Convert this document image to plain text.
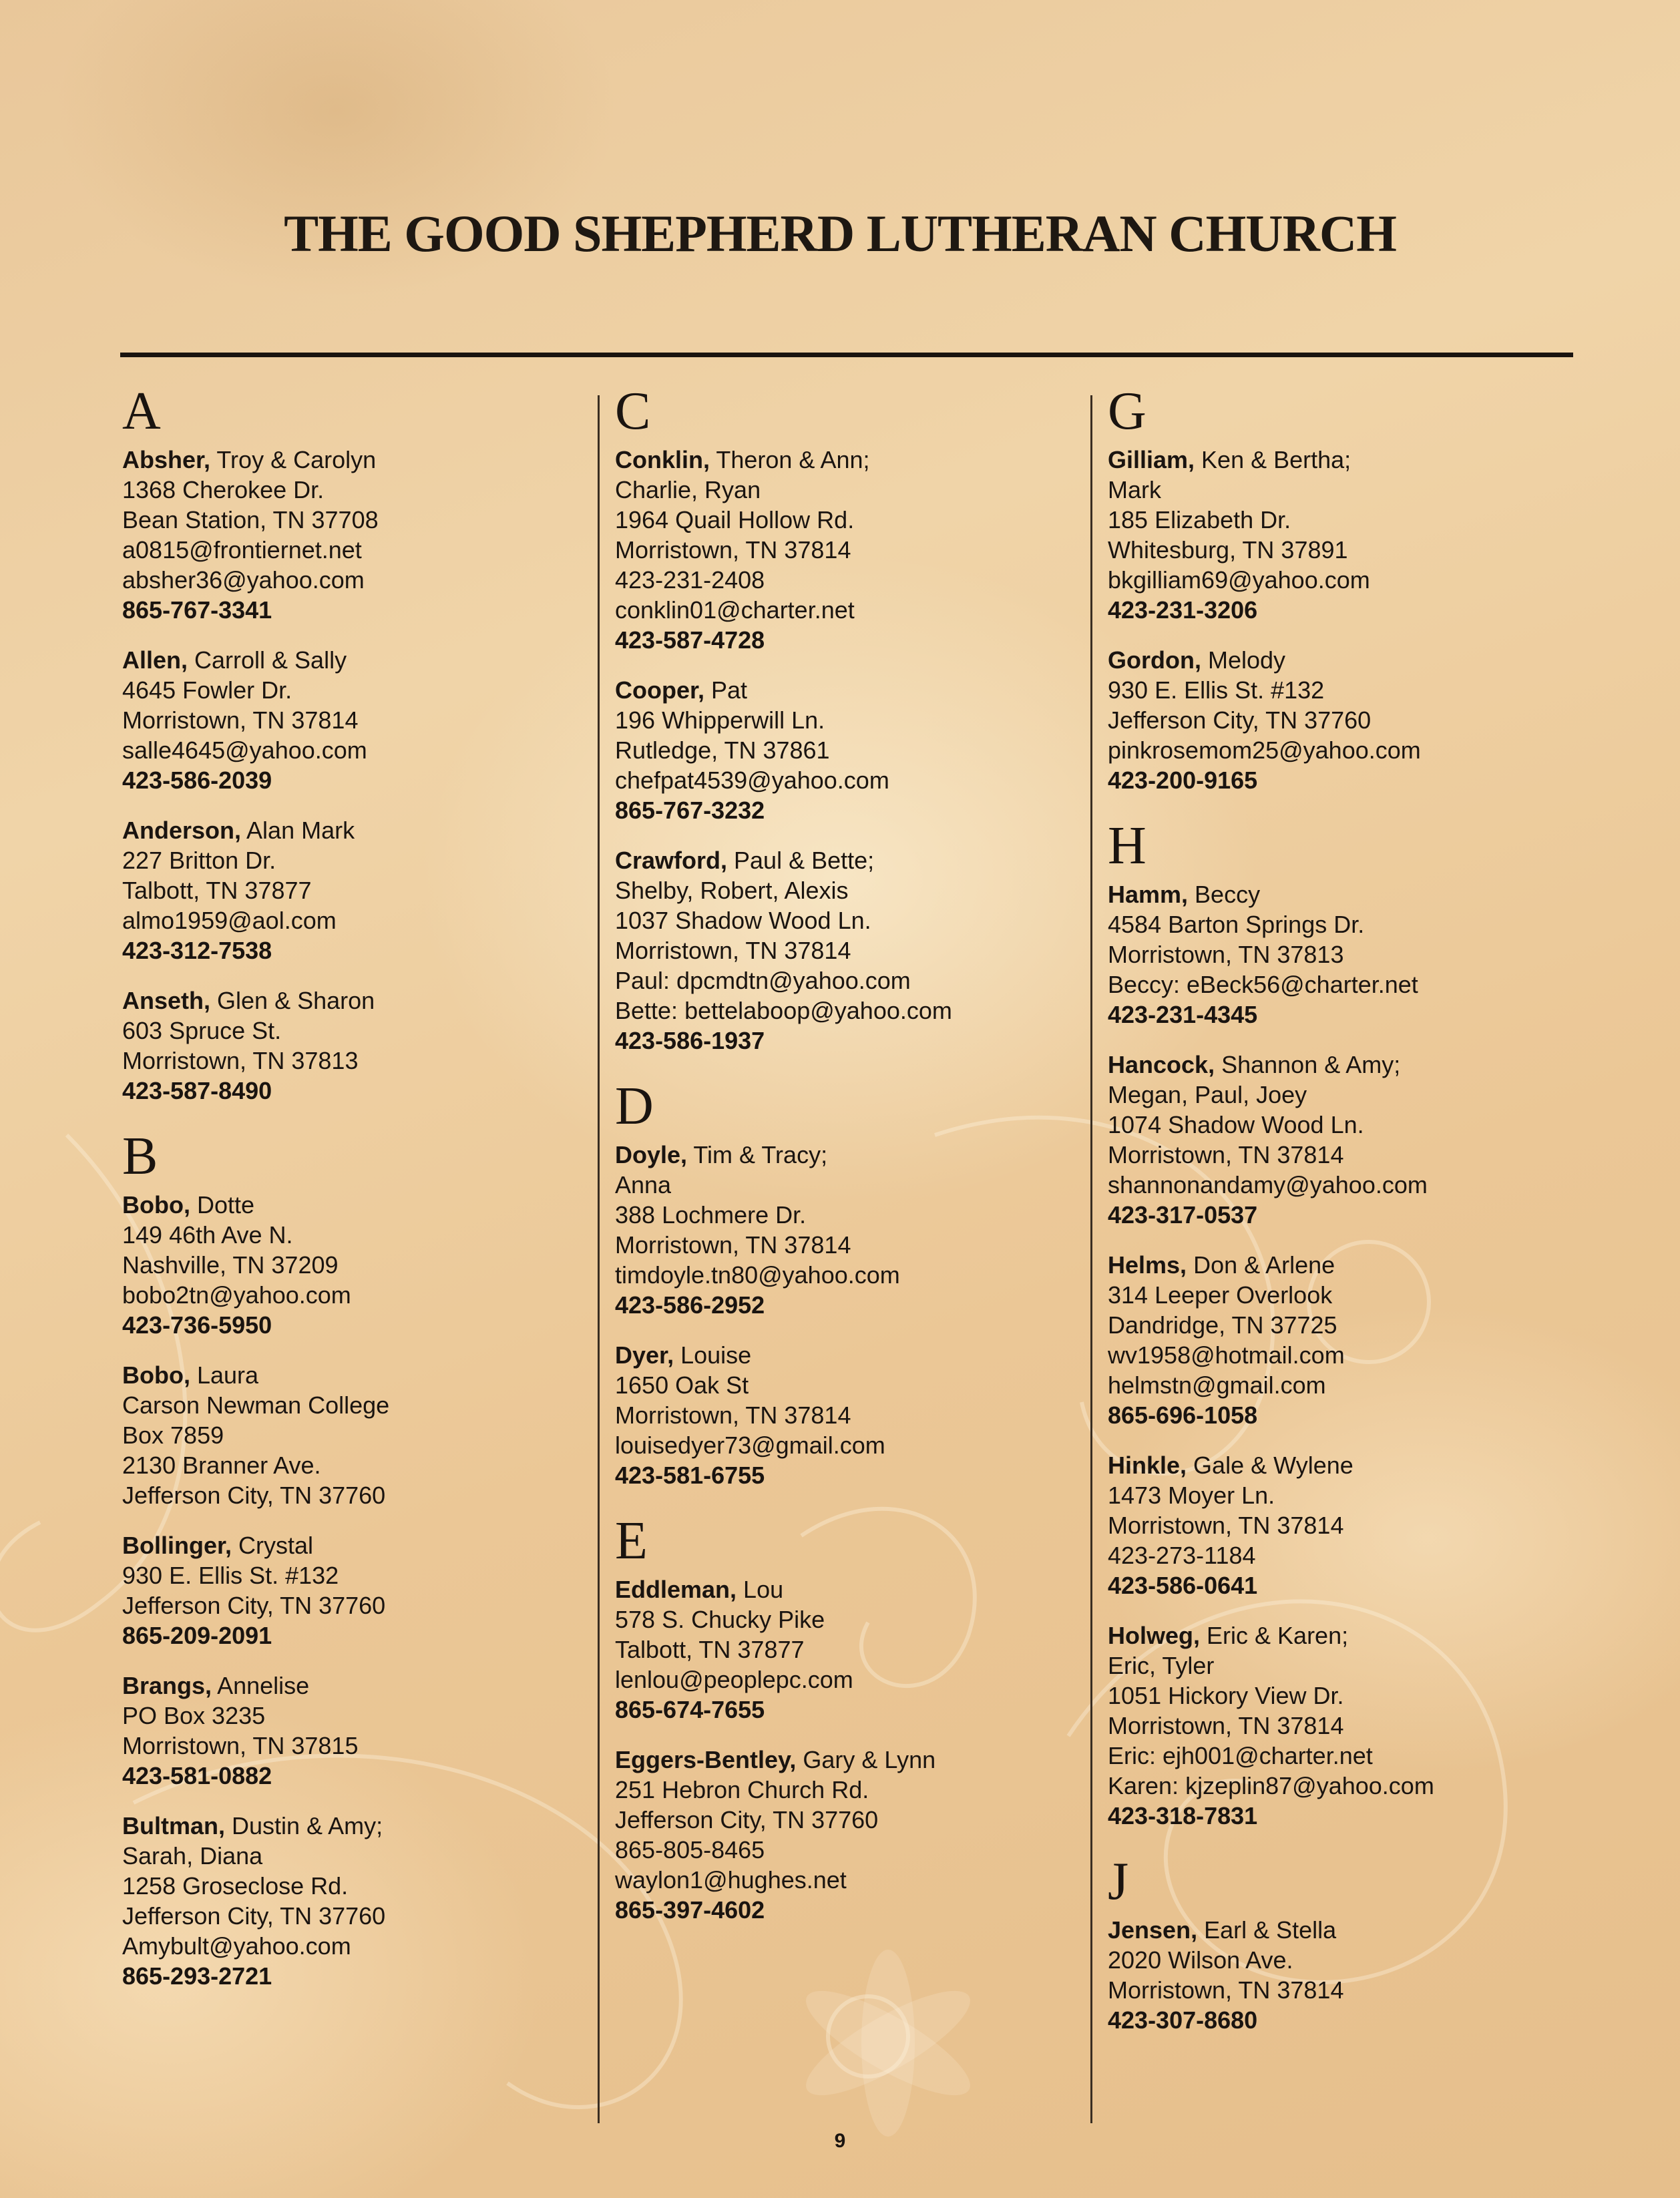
THE GOOD SHEPHERD LUTHERAN CHURCH
A
Absher, Troy & Carolyn
1368 Cherokee Dr.
Bean Station, TN 37708
a0815@frontiernet.net
absher36@yahoo.com
865-767-3341
Allen, Carroll & Sally
4645 Fowler Dr.
Morristown, TN 37814
salle4645@yahoo.com
423-586-2039
Anderson, Alan Mark
227 Britton Dr.
Talbott, TN 37877
almo1959@aol.com
423-312-7538
Anseth, Glen & Sharon
603 Spruce St.
Morristown, TN 37813
423-587-8490
B
Bobo, Dotte
149 46th Ave N.
Nashville, TN 37209
bobo2tn@yahoo.com
423-736-5950
Bobo, Laura
Carson Newman College
Box 7859
2130 Branner Ave.
Jefferson City, TN 37760
Bollinger, Crystal
930 E. Ellis St. #132
Jefferson City, TN 37760
865-209-2091
Brangs, Annelise
PO Box 3235
Morristown, TN 37815
423-581-0882
Bultman, Dustin & Amy;
Sarah, Diana
1258 Groseclose Rd.
Jefferson City, TN 37760
Amybult@yahoo.com
865-293-2721
C
Conklin, Theron & Ann;
Charlie, Ryan
1964 Quail Hollow Rd.
Morristown, TN 37814
423-231-2408
conklin01@charter.net
423-587-4728
Cooper, Pat
196 Whipperwill Ln.
Rutledge, TN 37861
chefpat4539@yahoo.com
865-767-3232
Crawford, Paul & Bette;
Shelby, Robert, Alexis
1037 Shadow Wood Ln.
Morristown, TN 37814
Paul: dpcmdtn@yahoo.com
Bette: bettelaboop@yahoo.com
423-586-1937
D
Doyle, Tim & Tracy;
Anna
388 Lochmere Dr.
Morristown, TN 37814
timdoyle.tn80@yahoo.com
423-586-2952
Dyer, Louise
1650 Oak St
Morristown, TN 37814
louisedyer73@gmail.com
423-581-6755
E
Eddleman, Lou
578 S. Chucky Pike
Talbott, TN 37877
lenlou@peoplepc.com
865-674-7655
Eggers-Bentley, Gary & Lynn
251 Hebron Church Rd.
Jefferson City, TN 37760
865-805-8465
waylon1@hughes.net
865-397-4602
G
Gilliam, Ken & Bertha;
Mark
185 Elizabeth Dr.
Whitesburg, TN 37891
bkgilliam69@yahoo.com
423-231-3206
Gordon, Melody
930 E. Ellis St. #132
Jefferson City, TN 37760
pinkrosemom25@yahoo.com
423-200-9165
H
Hamm, Beccy
4584 Barton Springs Dr.
Morristown, TN 37813
Beccy: eBeck56@charter.net
423-231-4345
Hancock, Shannon & Amy;
Megan, Paul, Joey
1074 Shadow Wood Ln.
Morristown, TN 37814
shannonandamy@yahoo.com
423-317-0537
Helms, Don & Arlene
314 Leeper Overlook
Dandridge, TN 37725
wv1958@hotmail.com
helmstn@gmail.com
865-696-1058
Hinkle, Gale & Wylene
1473 Moyer Ln.
Morristown, TN 37814
423-273-1184
423-586-0641
Holweg, Eric & Karen;
Eric, Tyler
1051 Hickory View Dr.
Morristown, TN 37814
Eric: ejh001@charter.net
Karen: kjzeplin87@yahoo.com
423-318-7831
J
Jensen, Earl & Stella
2020 Wilson Ave.
Morristown, TN 37814
423-307-8680
9
